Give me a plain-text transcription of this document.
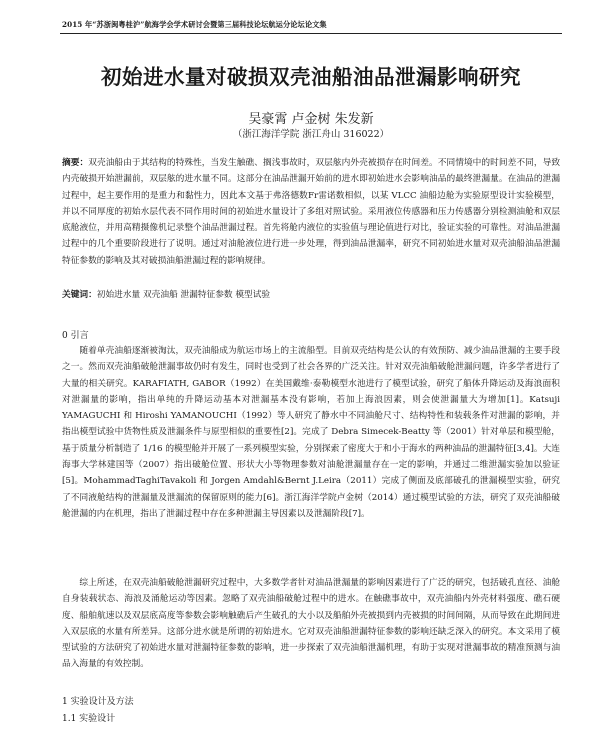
2015 年“苏浙闽粤桂沪”航海学会学术研讨会暨第三届科技论坛航运分论坛论文集
初始进水量对破损双壳油船油品泄漏影响研究
吴豪霄 卢金树 朱发新
（浙江海洋学院 浙江舟山 316022）
摘要：双壳油船由于其结构的特殊性，当发生触礁、搁浅事故时，双层舷内外壳被损存在时间差。不同情境中的时间差不同，导致内壳破损开始泄漏前，双层舷的进水量不同。这部分在油品泄漏开始前的进水即初始进水会影响油品的最终泄漏量。在油品的泄漏过程中，起主要作用的是重力和黏性力，因此本文基于弗洛德数Fr雷诺数相似，以某 VLCC 油船边舱为实验原型设计实验模型，并以不同厚度的初始水层代表不同作用时间的初始进水量设计了多组对照试验。采用液位传感器和压力传感器分别检测油舱和双层底舱液位，并用高精摄像机记录整个油品泄漏过程。首先将舱内液位的实验值与理论值进行对比，验证实验的可靠性。对油品泄漏过程中的几个重要阶段进行了说明。通过对油舱液位进行进一步处理，得到油品泄漏率，研究不同初始进水量对双壳油船油品泄漏特征参数的影响及其对破损油船泄漏过程的影响规律。
关键词：初始进水量 双壳油船 泄漏特征参数 模型试验
0 引言
随着单壳油船逐渐被淘汰，双壳油船成为航运市场上的主流船型。目前双壳结构是公认的有效预防、减少油品泄漏的主要手段之一。然而双壳油船破舱泄漏事故仍时有发生，同时也受到了社会各界的广泛关注。针对双壳油船破舱泄漏问题，许多学者进行了大量的相关研究。KARAFIATH, GABOR（1992）在美国戴维·泰勒模型水池进行了模型试验，研究了船体升降运动及海浪面积对泄漏量的影响，指出单纯的升降运动基本对泄漏基本没有影响，若加上海浪因素，则会使泄漏量大为增加[1]。Katsuji YAMAGUCHI 和 Hiroshi YAMANOUCHI（1992）等人研究了静水中不同油舱尺寸、结构特性和装载条件对泄漏的影响，并指出模型试验中货物性质及泄漏条件与原型相似的重要性[2]。完成了 Debra Simecek-Beatty 等（2001）针对单层和模型舱，基于质量分析制造了 1/16 的模型舱并开展了一系列模型实验，分别探索了密度大于和小于海水的两种油品的泄漏特征[3,4]。大连海事大学林建国等（2007）指出破舱位置、形状大小等物理参数对油舱泄漏量存在一定的影响，并通过二维泄漏实验加以验证[5]。MohammadTaghiTavakoli 和 Jorgen Amdahl&Bernt J.Leira（2011）完成了侧面及底部破孔的泄漏模型实验，研究了不同液舱结构的泄漏量及泄漏流的保留原则的能力[6]。浙江海洋学院卢金树（2014）通过模型试验的方法，研究了双壳油船破舱泄漏的内在机理，指出了泄漏过程中存在多种泄漏主导因素以及泄漏阶段[7]。
综上所述，在双壳油船破舱泄漏研究过程中，大多数学者针对油品泄漏量的影响因素进行了广泛的研究，包括破孔直径、油舱自身装载状态、海浪及涌舱运动等因素。忽略了双壳油船破舱过程中的进水。在触礁事故中，双壳油船内外壳材料强度、礁石硬度、船舶航速以及双层底高度等参数会影响触礁后产生破孔的大小以及船舶外壳被损到内壳被损的时间间隔，从而导致在此期间进入双层底的水量有所差异。这部分进水就是所谓的初始进水。它对双壳油船泄漏特征参数的影响还缺乏深入的研究。本文采用了模型试验的方法研究了初始进水量对泄漏特征参数的影响，进一步探索了双壳油船泄漏机理，有助于实现对泄漏事故的精准预测与油品入海量的有效控制。
1 实验设计及方法
1.1 实验设计
